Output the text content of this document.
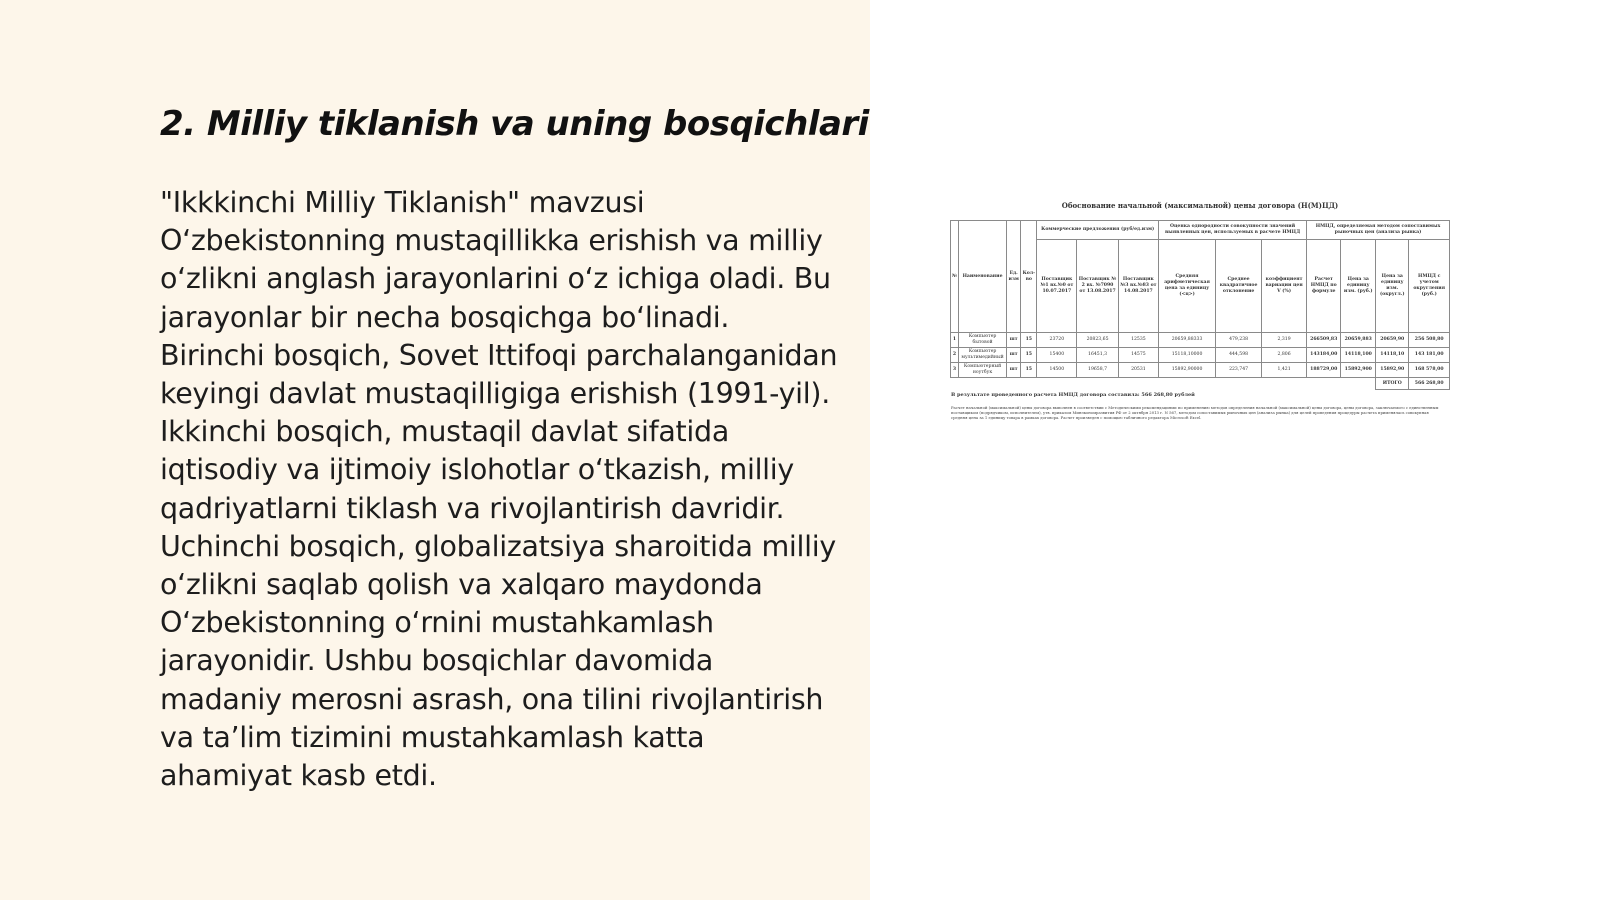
2. Milliy tiklanish va uning bosqichlari

"Ikkkinchi Milliy Tiklanish" mavzusi O‘zbekistonning mustaqillikka erishish va milliy o‘zlikni anglash jarayonlarini o‘z ichiga oladi. Bu jarayonlar bir necha bosqichga bo‘linadi. Birinchi bosqich, Sovet Ittifoqi parchalanganidan keyingi davlat mustaqilligiga erishish (1991-yil). Ikkinchi bosqich, mustaqil davlat sifatida iqtisodiy va ijtimoiy islohotlar o‘tkazish, milliy qadriyatlarni tiklash va rivojlantirish davridir. Uchinchi bosqich, globalizatsiya sharoitida milliy o‘zlikni saqlab qolish va xalqaro maydonda O‘zbekistonning o‘rnini mustahkamlash jarayonidir. Ushbu bosqichlar davomida madaniy merosni asrash, ona tilini rivojlantirish va ta’lim tizimini mustahkamlash katta ahamiyat kasb etdi.

Обоснование начальной (максимальной) цены договора (Н(М)ЦД)
№	Наименование	Ед. изм	Кол-во	Коммерческие предложения (руб/ед.изм)			Оценка однородности совокупности значений выявленных цен, используемых в расчете НМЦД			НМЦД, определяемая методом сопоставимых рыночных цен (анализа рынка)			
				Поставщик №1 вх.№0 от 10.07.2017	Поставщик № 2 вх. №7090 от 13.08.2017	Поставщик №3 вх.№83 от 14.08.2017	Средняя арифметическая цена за единицу (<ц>)	Среднее квадратичное отклонение	коэффициент вариации цен V (%)	Расчет НМЦД по формуле	Цена за единицу изм. (руб.)	Цена за единицу изм. (округл.)	НМЦД с учетом округления (руб.)
1	Компьютер бытовой	шт	15	23720	20823,65	12535	20659,88333	479,238	2,319	266509,83	20659,883	20659,90	256 508,80
2	Компьютер мультимедийный	шт	15	15400	16451,3	14575	15118,10000	444,598	2,806	143184,00	14118,100	14118,10	143 181,00
3	Компьютерный ноутбук	шт	15	14500	19658,7	20531	15892,90000	223,747	1,421	188729,00	15892,900	15892,90	168 578,00
												ИТОГО	566 268,80
В результате проведенного расчета НМЦД договора составила: 566 268,80 рублей
Расчет начальной (максимальной) цены договора выполнен в соответствии с Методическими рекомендациями по применению методов определения начальной (максимальной) цены договора, цены договора, заключаемого с единственным поставщиком (подрядчиком, исполнителем), утв. приказом Минэкономразвития РФ от 2 октября 2013 г. N 567, методом сопоставимых рыночных цен (анализа рынка) для целей проведения процедуры расчета применялась совокупная средняя цена за 1 единицу товара в рамках договора. Расчет произведен с помощью табличного редактора Microsoft Excel.
